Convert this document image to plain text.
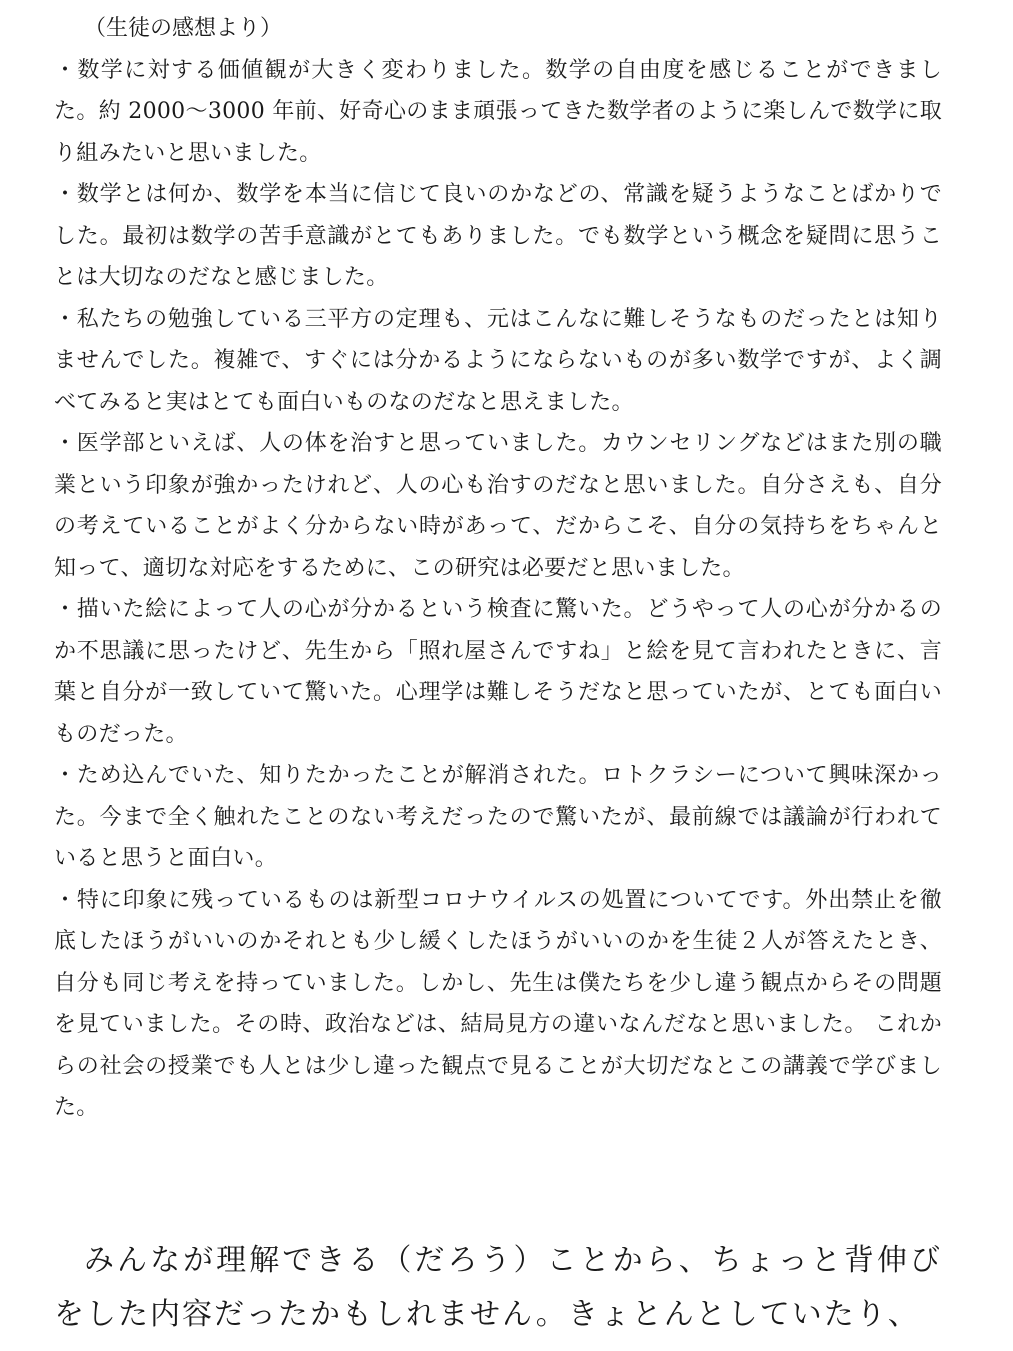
（生徒の感想より）

・数学に対する価値観が大きく変わりました。数学の自由度を感じることができました。約 2000～3000 年前、好奇心のまま頑張ってきた数学者のように楽しんで数学に取り組みたいと思いました。

・数学とは何か、数学を本当に信じて良いのかなどの、常識を疑うようなことばかりでした。最初は数学の苦手意識がとてもありました。でも数学という概念を疑問に思うことは大切なのだなと感じました。

・私たちの勉強している三平方の定理も、元はこんなに難しそうなものだったとは知りませんでした。複雑で、すぐには分かるようにならないものが多い数学ですが、よく調べてみると実はとても面白いものなのだなと思えました。

・医学部といえば、人の体を治すと思っていました。カウンセリングなどはまた別の職業という印象が強かったけれど、人の心も治すのだなと思いました。自分さえも、自分の考えていることがよく分からない時があって、だからこそ、自分の気持ちをちゃんと知って、適切な対応をするために、この研究は必要だと思いました。

・描いた絵によって人の心が分かるという検査に驚いた。どうやって人の心が分かるのか不思議に思ったけど、先生から「照れ屋さんですね」と絵を見て言われたときに、言葉と自分が一致していて驚いた。心理学は難しそうだなと思っていたが、とても面白いものだった。

・ため込んでいた、知りたかったことが解消された。ロトクラシーについて興味深かった。今まで全く触れたことのない考えだったので驚いたが、最前線では議論が行われていると思うと面白い。

・特に印象に残っているものは新型コロナウイルスの処置についてです。外出禁止を徹底したほうがいいのかそれとも少し緩くしたほうがいいのかを生徒２人が答えたとき、自分も同じ考えを持っていました。しかし、先生は僕たちを少し違う観点からその問題を見ていました。その時、政治などは、結局見方の違いなんだなと思いました。 これからの社会の授業でも人とは少し違った観点で見ることが大切だなとこの講義で学びました。

みんなが理解できる（だろう）ことから、ちょっと背伸びをした内容だったかもしれません。きょとんとしていたり、
